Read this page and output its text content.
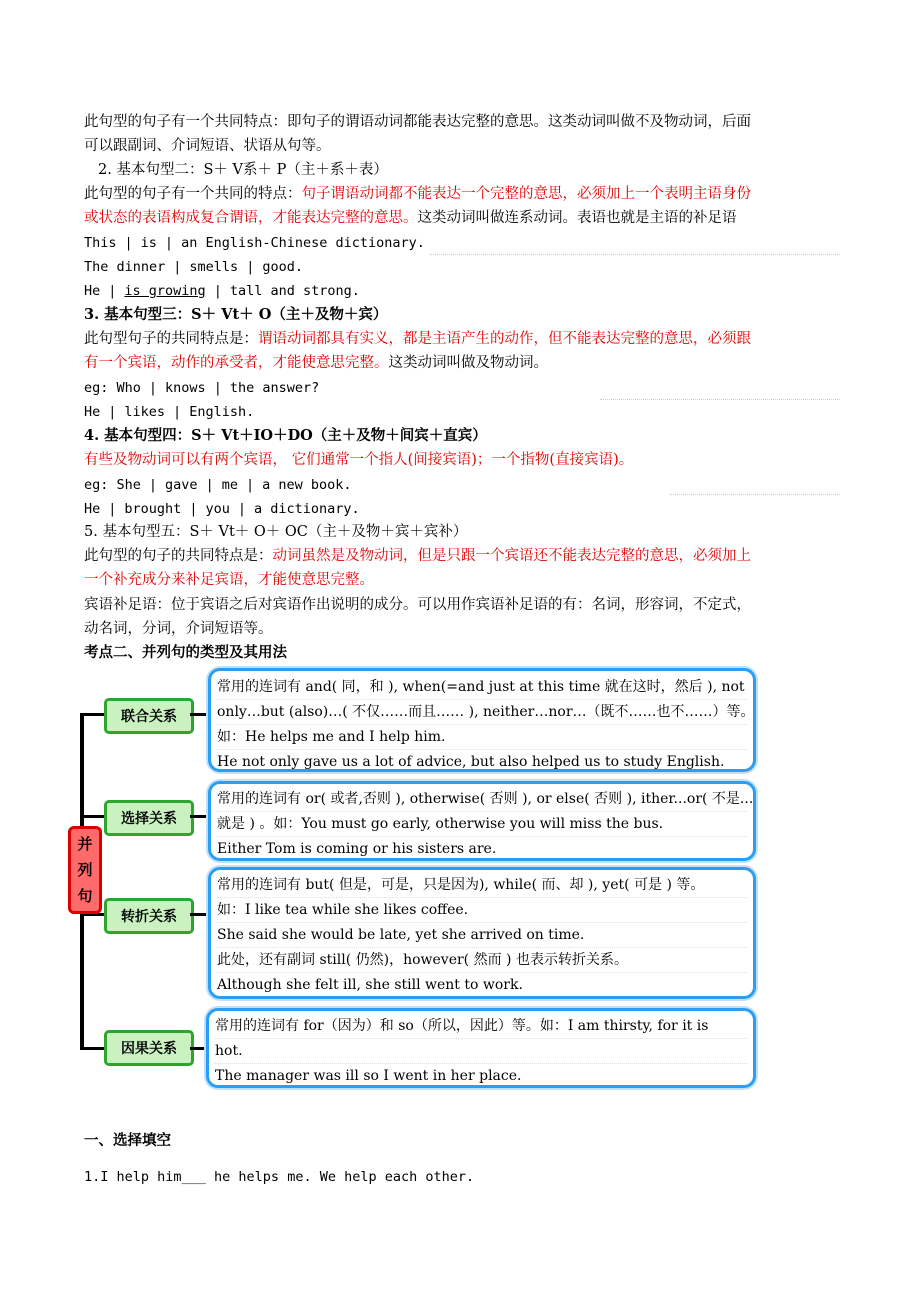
此句型的句子有一个共同特点：即句子的谓语动词都能表达完整的意思。这类动词叫做不及物动词，后面
可以跟副词、介词短语、状语从句等。
2. 基本句型二：S＋ V系＋ P（主＋系＋表）
此句型的句子有一个共同的特点：句子谓语动词都不能表达一个完整的意思，必须加上一个表明主语身份
或状态的表语构成复合谓语，才能表达完整的意思。这类动词叫做连系动词。表语也就是主语的补足语
This | is | an English-Chinese dictionary.
The dinner | smells | good.
He | is growing | tall and strong.
3. 基本句型三：S＋ Vt＋ O（主＋及物＋宾）
此句型句子的共同特点是：谓语动词都具有实义，都是主语产生的动作，但不能表达完整的意思，必须跟
有一个宾语，动作的承受者，才能使意思完整。这类动词叫做及物动词。
eg: Who | knows | the answer?
He | likes | English.
4. 基本句型四：S＋ Vt＋IO＋DO（主＋及物＋间宾＋直宾）
有些及物动词可以有两个宾语， 它们通常一个指人(间接宾语)；一个指物(直接宾语)。
eg: She | gave | me | a new book.
He | brought | you | a dictionary.
5. 基本句型五：S＋ Vt＋ O＋ OC（主＋及物＋宾＋宾补）
此句型的句子的共同特点是：动词虽然是及物动词，但是只跟一个宾语还不能表达完整的意思，必须加上
一个补充成分来补足宾语，才能使意思完整。
宾语补足语：位于宾语之后对宾语作出说明的成分。可以用作宾语补足语的有：名词，形容词，不定式，
动名词，分词，介词短语等。
考点二、并列句的类型及其用法
并
列
句
联合关系
常用的连词有 and( 同，和 ), when(=and just at this time 就在这时，然后 ), not
only…but (also)…( 不仅……而且…… ), neither…nor…（既不……也不……）等。
如：He helps me and I help him.
He not only gave us a lot of advice, but also helped us to study English.
选择关系
常用的连词有 or( 或者,否则 ), otherwise( 否则 ), or else( 否则 ), ither...or( 不是...
就是 ) 。如：You must go early, otherwise you will miss the bus.
Either Tom is coming or his sisters are.
转折关系
常用的连词有 but( 但是，可是，只是因为), while( 而、却 ), yet( 可是 ) 等。
如：I like tea while she likes coffee.
She said she would be late, yet she arrived on time.
此处，还有副词 still( 仍然)，however( 然而 ) 也表示转折关系。
Although she felt ill, she still went to work.
因果关系
常用的连词有 for（因为）和 so（所以，因此）等。如：I am thirsty, for it is
hot.
The manager was ill so I went in her place.
一、选择填空
1.I help him___ he helps me. We help each other.
